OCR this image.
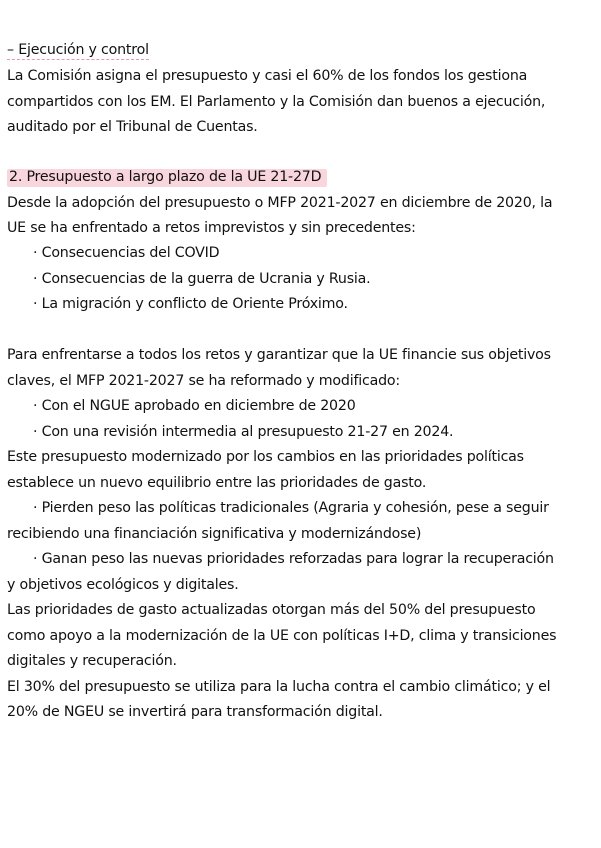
– Ejecución y control
La Comisión asigna el presupuesto y casi el 60% de los fondos los gestiona
compartidos con los EM. El Parlamento y la Comisión dan buenos a ejecución,
auditado por el Tribunal de Cuentas.
2. Presupuesto a largo plazo de la UE 21-27D
Desde la adopción del presupuesto o MFP 2021-2027 en diciembre de 2020, la
UE se ha enfrentado a retos imprevistos y sin precedentes:
· Consecuencias del COVID
· Consecuencias de la guerra de Ucrania y Rusia.
· La migración y conflicto de Oriente Próximo.
Para enfrentarse a todos los retos y garantizar que la UE financie sus objetivos
claves, el MFP 2021-2027 se ha reformado y modificado:
· Con el NGUE aprobado en diciembre de 2020
· Con una revisión intermedia al presupuesto 21-27 en 2024.
Este presupuesto modernizado por los cambios en las prioridades políticas
establece un nuevo equilibrio entre las prioridades de gasto.
· Pierden peso las políticas tradicionales (Agraria y cohesión, pese a seguir
recibiendo una financiación significativa y modernizándose)
· Ganan peso las nuevas prioridades reforzadas para lograr la recuperación
y objetivos ecológicos y digitales.
Las prioridades de gasto actualizadas otorgan más del 50% del presupuesto
como apoyo a la modernización de la UE con políticas I+D, clima y transiciones
digitales y recuperación.
El 30% del presupuesto se utiliza para la lucha contra el cambio climático; y el
20% de NGEU se invertirá para transformación digital.
